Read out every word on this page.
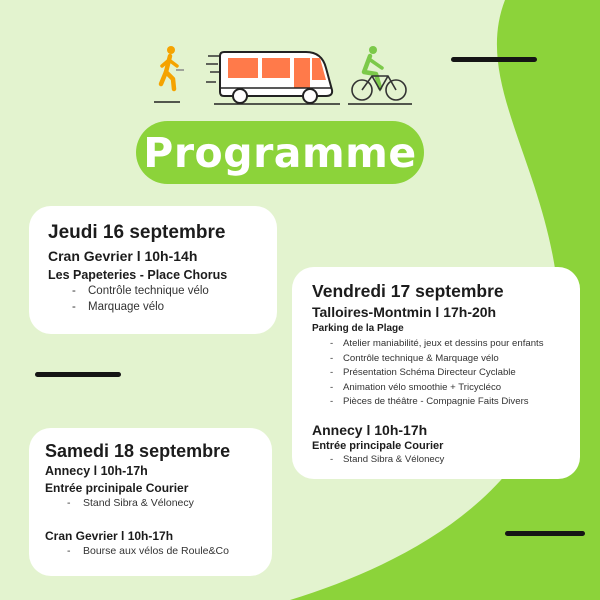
Programme
Jeudi 16 septembre
Cran Gevrier l 10h-14h
Les Papeteries - Place Chorus
- Contrôle technique vélo
- Marquage vélo
Vendredi 17 septembre
Talloires-Montmin l 17h-20h
Parking de la Plage
- Atelier maniabilité, jeux et dessins pour enfants
- Contrôle technique & Marquage vélo
- Présentation Schéma Directeur Cyclable
- Animation vélo smoothie + Tricycléco
- Pièces de théâtre - Compagnie Faits Divers
Annecy l 10h-17h
Entrée principale Courier
- Stand Sibra & Vélonecy
Samedi 18 septembre
Annecy l 10h-17h
Entrée prcinipale Courier
- Stand Sibra & Vélonecy
Cran Gevrier l 10h-17h
- Bourse aux vélos de Roule&Co
